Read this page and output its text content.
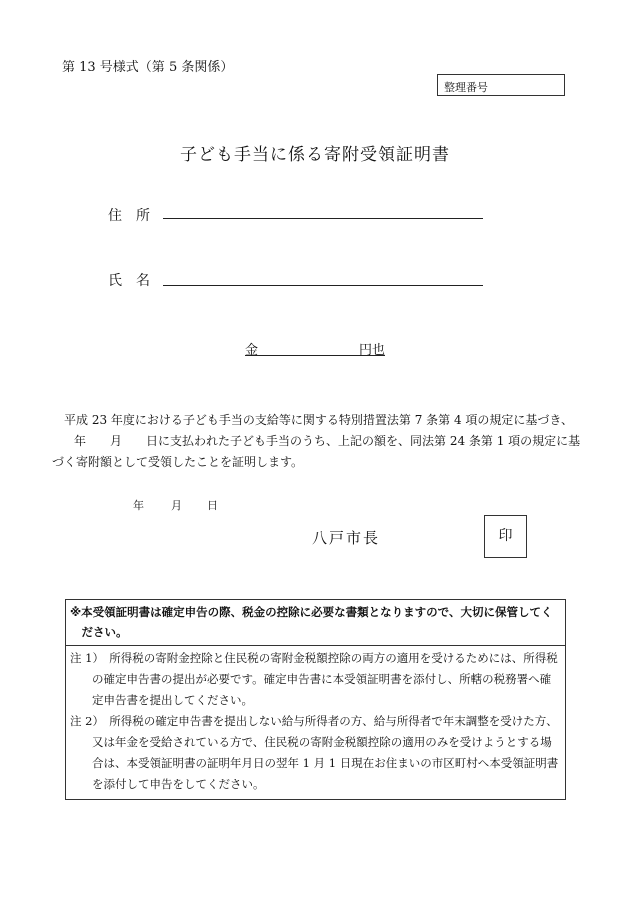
第 13 号様式（第 5 条関係）
整理番号
子ども手当に係る寄附受領証明書
住　所
氏　名
金	円也
平成 23 年度における子ども手当の支給等に関する特別措置法第 7 条第 4 項の規定に基づき、
　年　　月　　日に支払われた子ども手当のうち、上記の額を、同法第 24 条第 1 項の規定に基
づく寄附額として受領したことを証明します。
年 月 日
八戸市長	印
※本受領証明書は確定申告の際、税金の控除に必要な書類となりますので、大切に保管してください。
注 1） 所得税の寄附金控除と住民税の寄附金税額控除の両方の適用を受けるためには、所得税の確定申告書の提出が必要です。確定申告書に本受領証明書を添付し、所轄の税務署へ確定申告書を提出してください。
注 2） 所得税の確定申告書を提出しない給与所得者の方、給与所得者で年末調整を受けた方、又は年金を受給されている方で、住民税の寄附金税額控除の適用のみを受けようとする場合は、本受領証明書の証明年月日の翌年 1 月 1 日現在お住まいの市区町村へ本受領証明書を添付して申告をしてください。
